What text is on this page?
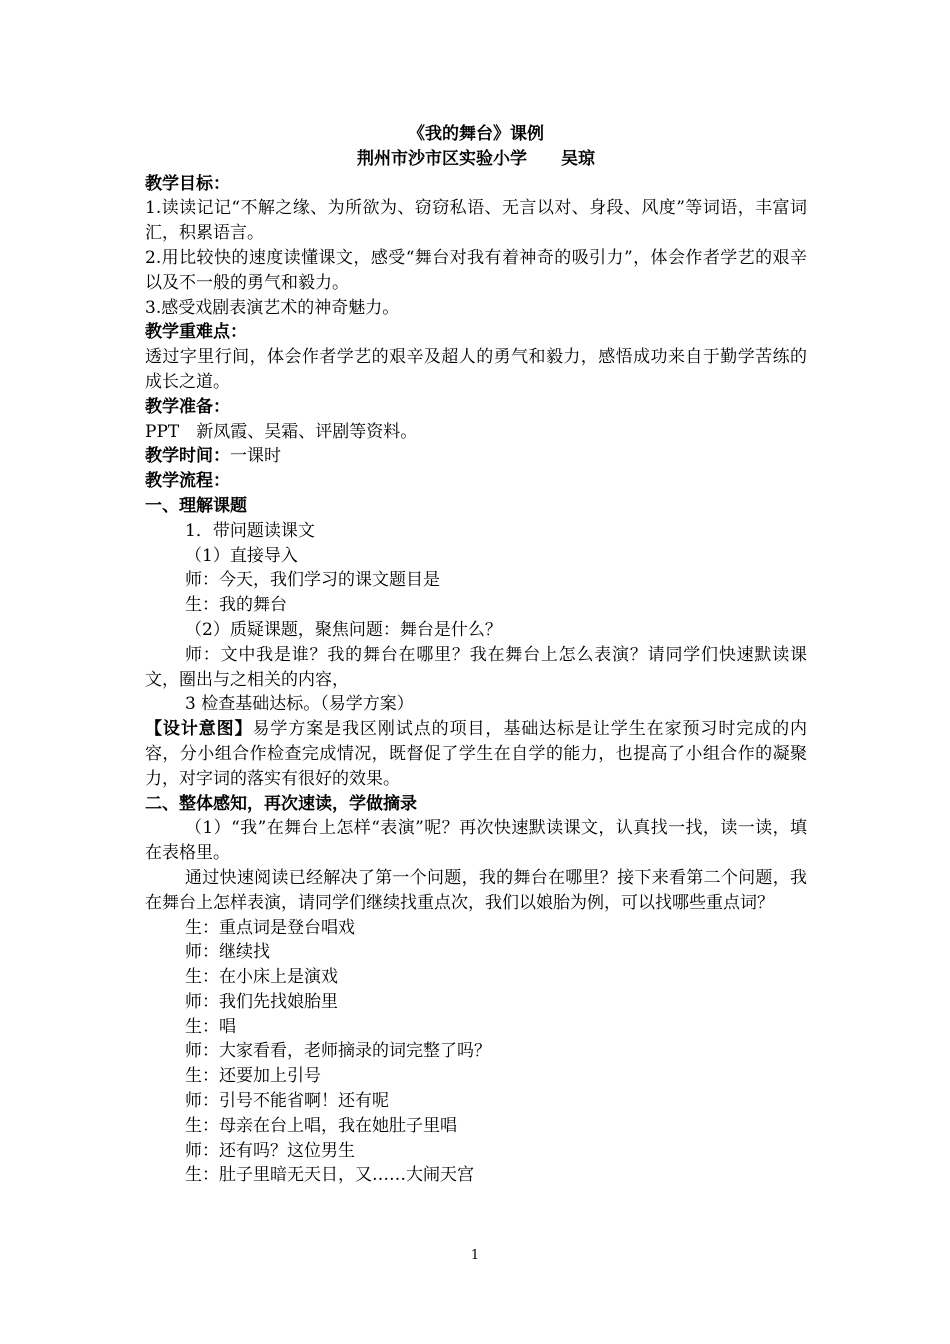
《我的舞台》课例
荆州市沙市区实验小学　　吴琼
教学目标：
1.读读记记“不解之缘、为所欲为、窃窃私语、无言以对、身段、风度”等词语，丰富词汇，积累语言。
2.用比较快的速度读懂课文，感受“舞台对我有着神奇的吸引力”，体会作者学艺的艰辛以及不一般的勇气和毅力。
3.感受戏剧表演艺术的神奇魅力。
教学重难点：
透过字里行间，体会作者学艺的艰辛及超人的勇气和毅力，感悟成功来自于勤学苦练的成长之道。
教学准备：
PPT　新凤霞、吴霜、评剧等资料。
教学时间：一课时
教学流程：
一、理解课题
1．带问题读课文
（1）直接导入
师：今天，我们学习的课文题目是
生：我的舞台
（2）质疑课题，聚焦问题：舞台是什么？
师：文中我是谁？我的舞台在哪里？我在舞台上怎么表演？请同学们快速默读课文，圈出与之相关的内容，
3 检查基础达标。（易学方案）
【设计意图】易学方案是我区刚试点的项目，基础达标是让学生在家预习时完成的内容，分小组合作检查完成情况，既督促了学生在自学的能力，也提高了小组合作的凝聚力，对字词的落实有很好的效果。
二、整体感知，再次速读，学做摘录
（1）“我”在舞台上怎样“表演”呢？再次快速默读课文，认真找一找，读一读，填在表格里。
通过快速阅读已经解决了第一个问题，我的舞台在哪里？接下来看第二个问题，我在舞台上怎样表演，请同学们继续找重点次，我们以娘胎为例，可以找哪些重点词？
生：重点词是登台唱戏
师：继续找
生：在小床上是演戏
师：我们先找娘胎里
生：唱
师：大家看看，老师摘录的词完整了吗？
生：还要加上引号
师：引号不能省啊！还有呢
生：母亲在台上唱，我在她肚子里唱
师：还有吗？这位男生
生：肚子里暗无天日，又……大闹天宫
1
